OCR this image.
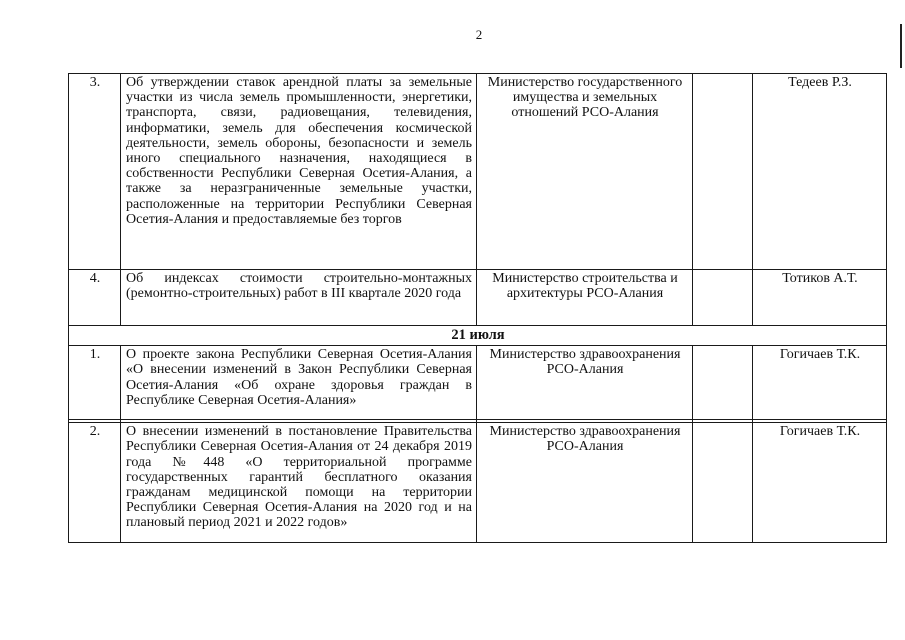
2
3.	Об утверждении ставок арендной платы за земельные участки из числа земель промышленности, энергетики, транспорта, связи, радиовещания, телевидения, информатики, земель для обеспечения космической деятельности, земель обороны, безопасности и земель иного специального назначения, находящиеся в собственности Республики Северная Осетия-Алания, а также за неразграниченные земельные участки, расположенные на территории Республики Северная Осетия-Алания и предоставляемые без торгов	Министерство государственного имущества и земельных отношений РСО-Алания		Тедеев Р.З.
4.	Об индексах стоимости строительно-монтажных (ремонтно-строительных) работ в III квартале 2020 года	Министерство строительства и архитектуры РСО-Алания		Тотиков А.Т.
21 июля				
1.	О проекте закона Республики Северная Осетия-Алания «О внесении изменений в Закон Республики Северная Осетия-Алания «Об охране здоровья граждан в Республике Северная Осетия-Алания»	Министерство здравоохранения РСО-Алания		Гогичаев Т.К.

2.	О внесении изменений в постановление Правительства Республики Северная Осетия-Алания от 24 декабря 2019 года №448 «О территориальной программе государственных гарантий бесплатного оказания гражданам медицинской помощи на территории Республики Северная Осетия-Алания на 2020 год и на плановый период 2021 и 2022 годов»	Министерство здравоохранения РСО-Алания		Гогичаев Т.К.
